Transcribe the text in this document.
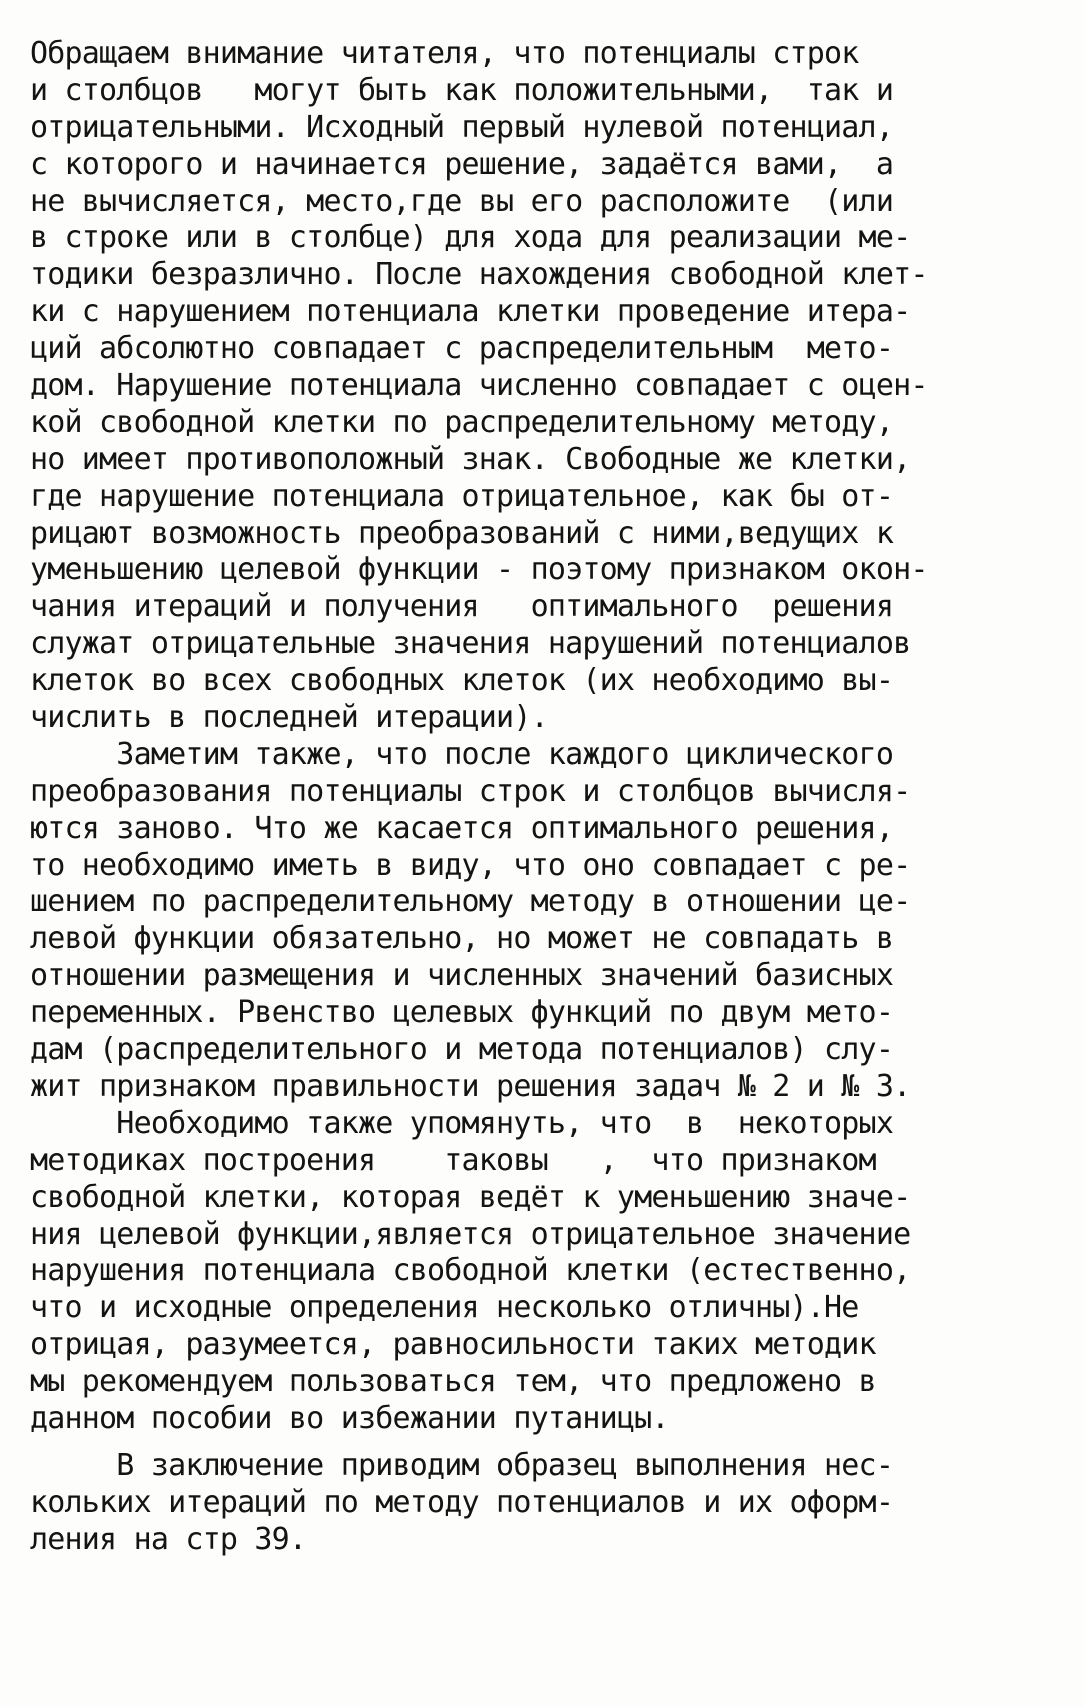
Обращаем внимание читателя, что потенциалы строк
и столбцов   могут быть как положительными,  так и
отрицательными. Исходный первый нулевой потенциал,
с которого и начинается решение, задаётся вами,  а
не вычисляется, место,где вы его расположите  (или
в строке или в столбце) для хода для реализации ме-
тодики безразлично. После нахождения свободной клет-
ки с нарушением потенциала клетки проведение итера-
ций абсолютно совпадает с распределительным  мето-
дом. Нарушение потенциала численно совпадает с оцен-
кой свободной клетки по распределительному методу,
но имеет противоположный знак. Свободные же клетки,
где нарушение потенциала отрицательное, как бы от-
рицают возможность преобразований с ними,ведущих к
уменьшению целевой функции - поэтому признаком окон-
чания итераций и получения   оптимального  решения
служат отрицательные значения нарушений потенциалов
клеток во всех свободных клеток (их необходимо вы-
числить в последней итерации).
Заметим также, что после каждого циклического
преобразования потенциалы строк и столбцов вычисля-
ются заново. Что же касается оптимального решения,
то необходимо иметь в виду, что оно совпадает с ре-
шением по распределительному методу в отношении це-
левой функции обязательно, но может не совпадать в
отношении размещения и численных значений базисных
переменных. Рвенство целевых функций по двум мето-
дам (распределительного и метода потенциалов) слу-
жит признаком правильности решения задач № 2 и № 3.
Необходимо также упомянуть, что  в  некоторых
методиках построения    таковы   ,  что признаком
свободной клетки, которая ведёт к уменьшению значе-
ния целевой функции,является отрицательное значение
нарушения потенциала свободной клетки (естественно,
что и исходные определения несколько отличны).Не
отрицая, разумеется, равносильности таких методик
мы рекомендуем пользоваться тем, что предложено в
данном пособии во избежании путаницы.
В заключение приводим образец выполнения нес-
кольких итераций по методу потенциалов и их оформ-
ления на стр 39.
